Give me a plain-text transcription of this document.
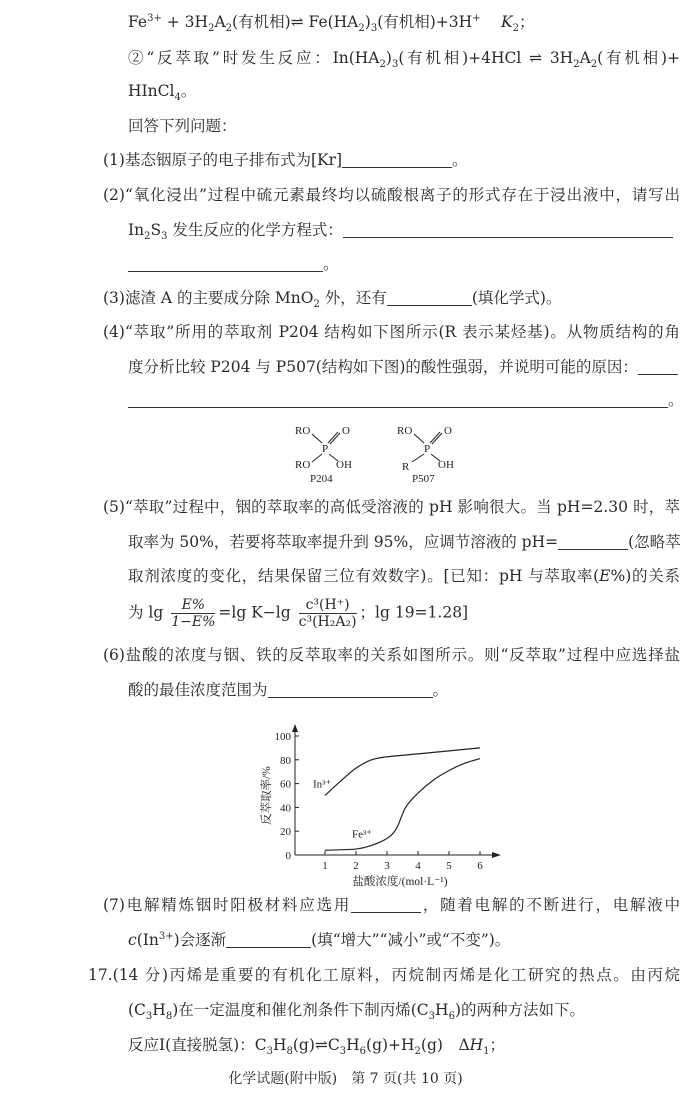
$Fe^{3+} + 3H_2A_2$(有机相)⇌ $Fe(HA_2)_3$(有机相)+3H+　 $K_2$；
②“反萃取”时发生反应：$In(HA_2)_3$(有机相)+4HCl ⇌ $3H_2A_2$(有机相)+
HInCl$_4$。
回答下列问题：
(1)基态铟原子的电子排布式为[Kr]	。
(2)“氧化浸出”过程中硫元素最终均以硫酸根离子的形式存在于浸出液中，请写出
$In_2S_3$ 发生反应的化学方程式：
。
(3)滤渣 A 的主要成分除 MnO$_2$ 外，还有	(填化学式)。
(4)“萃取”所用的萃取剂 P204 结构如下图所示(R 表示某烃基)。从物质结构的角
度分析比较 P204 与 P507(结构如下图)的酸性强弱，并说明可能的原因：
。
RO	O
P
RO OH
P204
RO	O
P
R	OH
P507
(5)“萃取”过程中，铟的萃取率的高低受溶液的 pH 影响很大。当 pH=2.30 时，萃
取率为 50%，若要将萃取率提升到 95%，应调节溶液的 pH=	(忽略萃
取剂浓度的变化，结果保留三位有效数字)。[已知：pH 与萃取率(E%)的关系
为 $\lg \frac{E\%}{1-E\%} =\lg$ $K-\lg \frac{\text{c³(H⁺)}}{\text{c³(H₂A₂)}}$ ；lg 19=1.28]
(6)盐酸的浓度与铟、铁的反萃取率的关系如图所示。则“反萃取”过程中应选择盐
酸的最佳浓度范围为	。
0
20
40
60
80
100
1 2 3 4 5 6
盐酸浓度/(mol·L⁻¹)
反萃取率/%	In³⁺
Fe³⁺
(7)电解精炼铟时阳极材料应选用	，随着电解的不断进行，电解液中
$c(In^{3+})$会逐渐	(填“增大”“减小”或“不变”)。
17.(14 分)丙烯是重要的有机化工原料，丙烷制丙烯是化工研究的热点。由丙烷
$(C_3H_8)$在一定温度和催化剂条件下制丙烯$(C_3H_6)$的两种方法如下。
反应Ⅰ(直接脱氢)：$C_3H_8(g)\rightleftharpoons C_3H_6(g)+H_2(g)$　$\Delta H_1$；
化学试题(附中版)　第 7 页(共 10 页)
